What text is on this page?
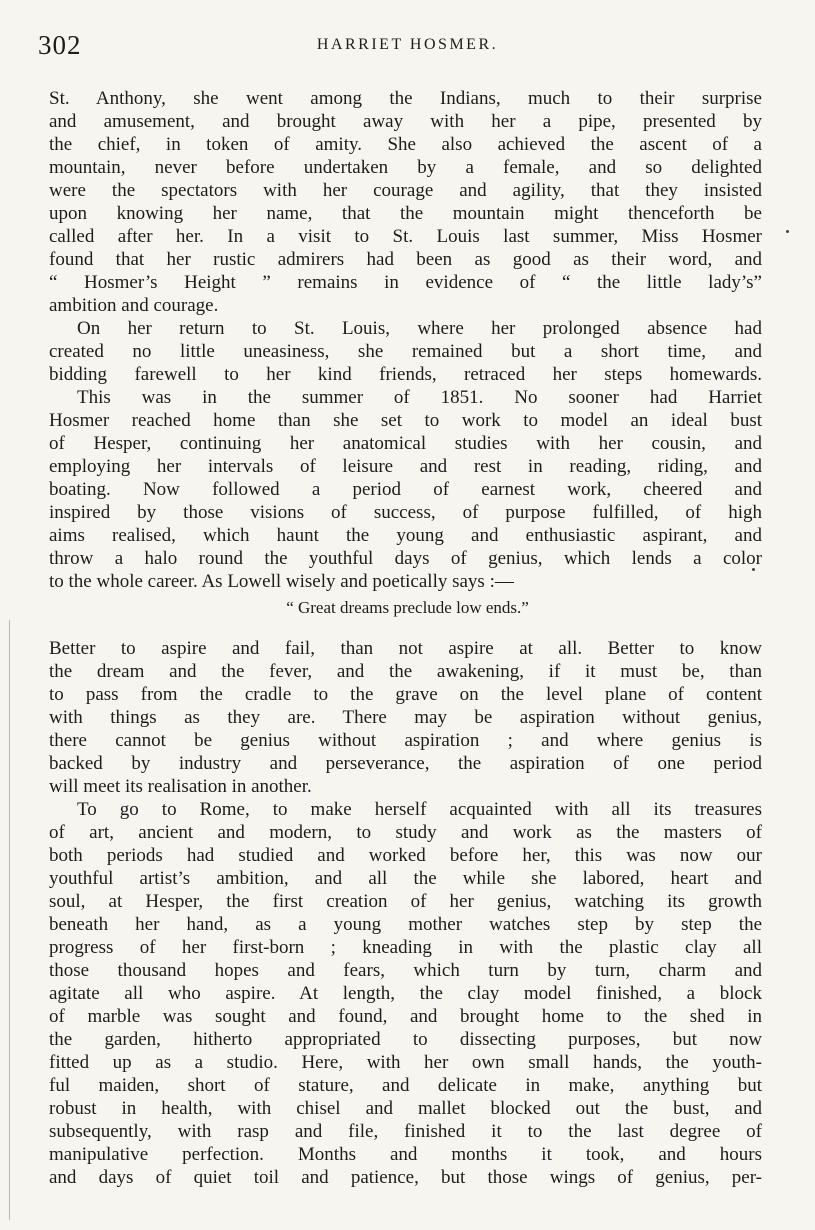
302	HARRIET HOSMER.
St. Anthony, she went among the Indians, much to their surprise
and amusement, and brought away with her a pipe, presented by
the chief, in token of amity. She also achieved the ascent of a
mountain, never before undertaken by a female, and so delighted
were the spectators with her courage and agility, that they insisted
upon knowing her name, that the mountain might thenceforth be
called after her. In a visit to St. Louis last summer, Miss Hosmer
found that her rustic admirers had been as good as their word, and
“ Hosmer’s Height ” remains in evidence of “ the little lady’s”
ambition and courage.
On her return to St. Louis, where her prolonged absence had
created no little uneasiness, she remained but a short time, and
bidding farewell to her kind friends, retraced her steps homewards.
This was in the summer of 1851. No sooner had Harriet
Hosmer reached home than she set to work to model an ideal bust
of Hesper, continuing her anatomical studies with her cousin, and
employing her intervals of leisure and rest in reading, riding, and
boating. Now followed a period of earnest work, cheered and
inspired by those visions of success, of purpose fulfilled, of high
aims realised, which haunt the young and enthusiastic aspirant, and
throw a halo round the youthful days of genius, which lends a color
to the whole career. As Lowell wisely and poetically says :—
“ Great dreams preclude low ends.”
Better to aspire and fail, than not aspire at all. Better to know
the dream and the fever, and the awakening, if it must be, than
to pass from the cradle to the grave on the level plane of content
with things as they are. There may be aspiration without genius,
there cannot be genius without aspiration ; and where genius is
backed by industry and perseverance, the aspiration of one period
will meet its realisation in another.
To go to Rome, to make herself acquainted with all its treasures
of art, ancient and modern, to study and work as the masters of
both periods had studied and worked before her, this was now our
youthful artist’s ambition, and all the while she labored, heart and
soul, at Hesper, the first creation of her genius, watching its growth
beneath her hand, as a young mother watches step by step the
progress of her first-born ; kneading in with the plastic clay all
those thousand hopes and fears, which turn by turn, charm and
agitate all who aspire. At length, the clay model finished, a block
of marble was sought and found, and brought home to the shed in
the garden, hitherto appropriated to dissecting purposes, but now
fitted up as a studio. Here, with her own small hands, the youth-
ful maiden, short of stature, and delicate in make, anything but
robust in health, with chisel and mallet blocked out the bust, and
subsequently, with rasp and file, finished it to the last degree of
manipulative perfection. Months and months it took, and hours
and days of quiet toil and patience, but those wings of genius, per-
